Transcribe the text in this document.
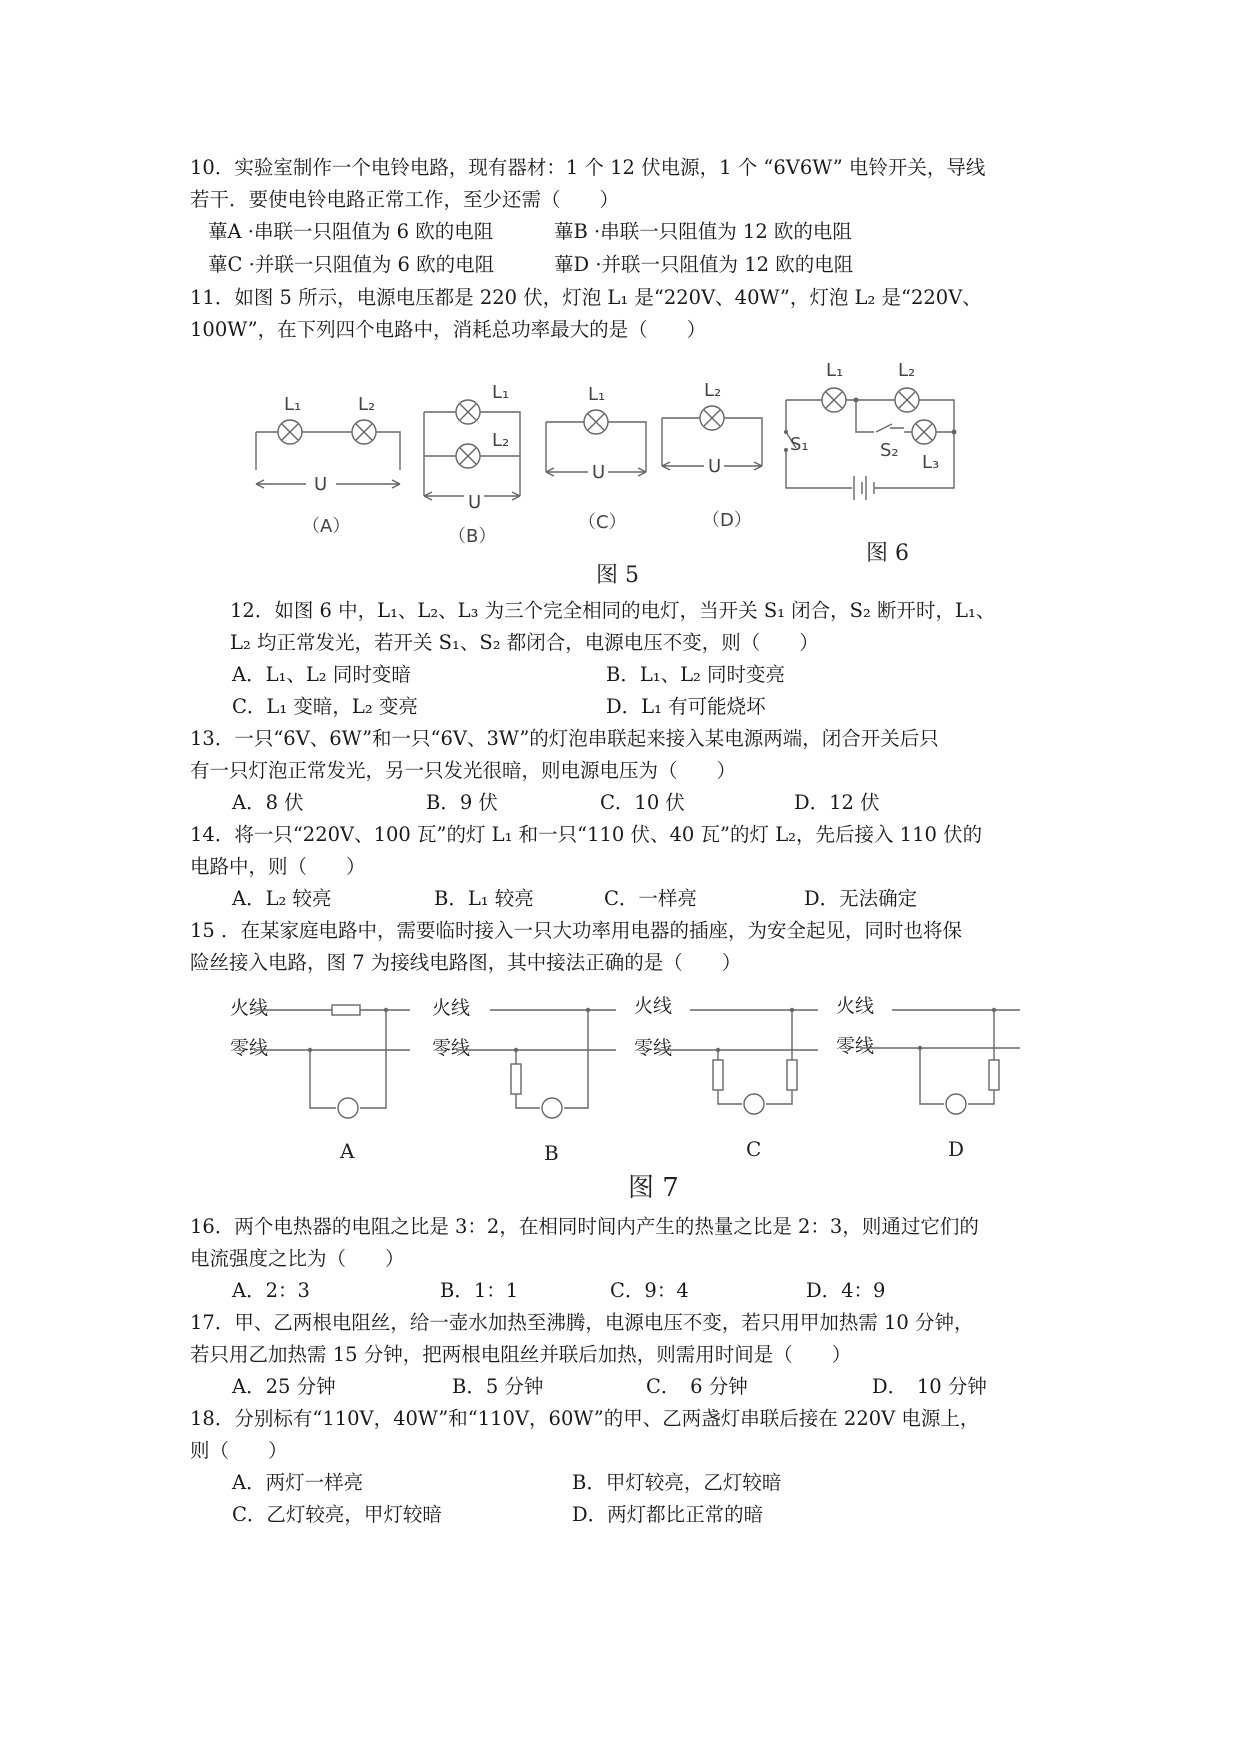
10．实验室制作一个电铃电路，现有器材：1 个 12 伏电源，1 个 “6V6W” 电铃开关，导线
若干．要使电铃电路正常工作，至少还需（　　）
蓽A ·串联一只阻值为 6 欧的电阻	蓽B ·串联一只阻值为 12 欧的电阻
蓽C ·并联一只阻值为 6 欧的电阻	蓽D ·并联一只阻值为 12 欧的电阻
11．如图 5 所示，电源电压都是 220 伏，灯泡 L₁ 是“220V、40W”，灯泡 L₂ 是“220V、
100W”，在下列四个电路中，消耗总功率最大的是（　　）
L₁	L₂
U
（A）
L₁
L₂
U
（B）
L₁
U
（C）
L₂
U
（D）
图 5
L₁	L₂
S₁	S₂
L₃
图 6
12．如图 6 中，L₁、L₂、L₃ 为三个完全相同的电灯，当开关 S₁ 闭合，S₂ 断开时，L₁、
L₂ 均正常发光，若开关 S₁、S₂ 都闭合，电源电压不变，则（　　）
A．L₁、L₂ 同时变暗	B．L₁、L₂ 同时变亮
C．L₁ 变暗，L₂ 变亮	D．L₁ 有可能烧坏
13．一只“6V、6W”和一只“6V、3W”的灯泡串联起来接入某电源两端，闭合开关后只
有一只灯泡正常发光，另一只发光很暗，则电源电压为（　　）
A．8 伏	B．9 伏	C．10 伏	D．12 伏
14．将一只“220V、100 瓦”的灯 L₁ 和一只“110 伏、40 瓦”的灯 L₂，先后接入 110 伏的
电路中，则（　　）
A．L₂ 较亮	B．L₁ 较亮	C．一样亮	D．无法确定
15 ．在某家庭电路中，需要临时接入一只大功率用电器的插座，为安全起见，同时也将保
险丝接入电路，图 7 为接线电路图，其中接法正确的是（　　）
火线
零线
A
火线
零线
B
火线
零线
C
火线
零线
D
图 7
16．两个电热器的电阻之比是 3：2，在相同时间内产生的热量之比是 2：3，则通过它们的
电流强度之比为（　　）
A．2：3	B．1：1	C．9：4	D．4：9
17．甲、乙两根电阻丝，给一壶水加热至沸腾，电源电压不变，若只用甲加热需 10 分钟，
若只用乙加热需 15 分钟，把两根电阻丝并联后加热，则需用时间是（　　）
A．25 分钟	B．5 分钟	C．　6 分钟	D．　10 分钟
18．分别标有“110V，40W”和“110V，60W”的甲、乙两盏灯串联后接在 220V 电源上，
则（　　）
A．两灯一样亮	B．甲灯较亮，乙灯较暗
C．乙灯较亮，甲灯较暗	D．两灯都比正常的暗
